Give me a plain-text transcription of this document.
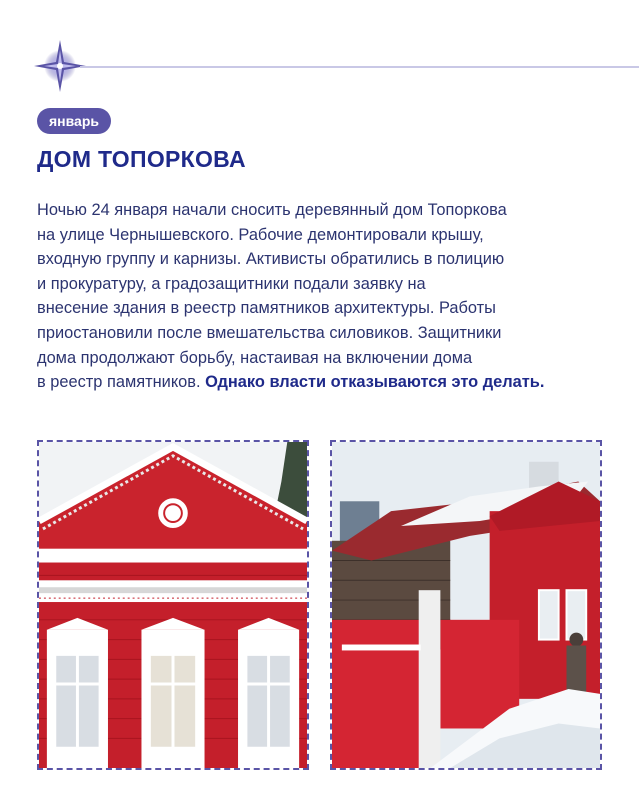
январь
ДОМ ТОПОРКОВА
Ночью 24 января начали сносить деревянный дом Топоркова
на улице Чернышевского. Рабочие демонтировали крышу,
входную группу и карнизы. Активисты обратились в полицию
и прокуратуру, а градозащитники подали заявку на
внесение здания в реестр памятников архитектуры. Работы
приостановили после вмешательства силовиков. Защитники
дома продолжают борьбу, настаивая на включении дома
в реестр памятников. Однако власти отказываются это делать.
